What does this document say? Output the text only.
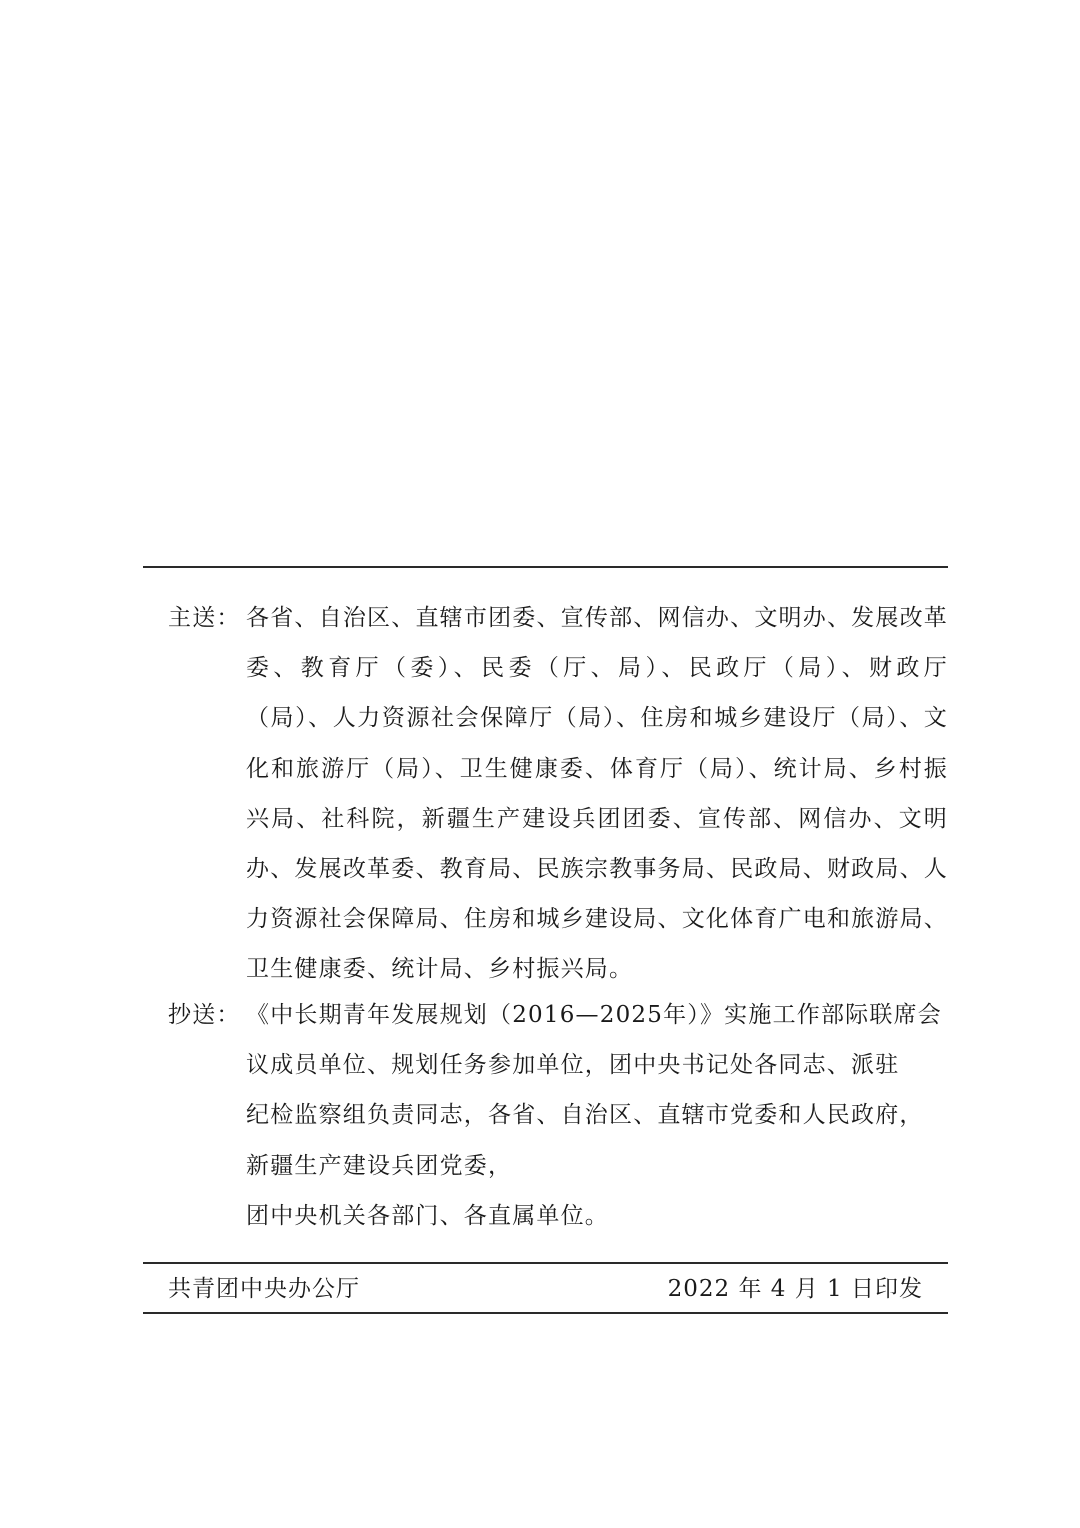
主送： 各省、自治区、直辖市团委、宣传部、网信办、文明办、发展改革委、教育厅（委）、民委（厅、局）、民政厅（局）、财政厅（局）、人力资源社会保障厅（局）、住房和城乡建设厅（局）、文化和旅游厅（局）、卫生健康委、体育厅（局）、统计局、乡村振兴局、社科院，新疆生产建设兵团团委、宣传部、网信办、文明办、发展改革委、教育局、民族宗教事务局、民政局、财政局、人力资源社会保障局、住房和城乡建设局、文化体育广电和旅游局、卫生健康委、统计局、乡村振兴局。
抄送： 《中长期青年发展规划（2016—2025年）》实施工作部际联席会
议成员单位、规划任务参加单位，团中央书记处各同志、派驻
纪检监察组负责同志，各省、自治区、直辖市党委和人民政府，
新疆生产建设兵团党委，
团中央机关各部门、各直属单位。
共青团中央办公厅	2022 年 4 月 1 日印发
